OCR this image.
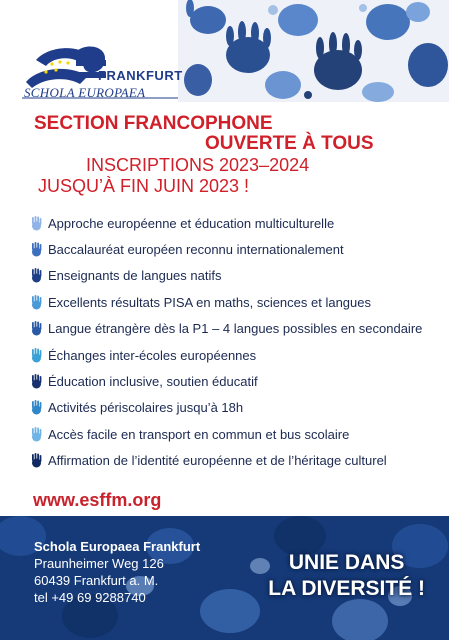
FRANKFURT
SCHOLA EUROPAEA
SECTION FRANCOPHONE
OUVERTE À TOUS
INSCRIPTIONS 2023–2024
JUSQU’À FIN JUIN 2023 !
Approche européenne et éducation multiculturelle
Baccalauréat européen reconnu internationalement
Enseignants de langues natifs
Excellents résultats PISA en maths, sciences et langues
Langue étrangère dès la P1 – 4 langues possibles en secondaire
Échanges inter-écoles européennes
Éducation inclusive, soutien éducatif
Activités périscolaires jusqu’à 18h
Accès facile en transport en commun et bus scolaire
Affirmation de l’identité européenne et de l’héritage culturel
www.esffm.org
Schola Europaea Frankfurt
Praunheimer Weg 126
60439 Frankfurt a. M.
tel +49 69 9288740
UNIE DANS
LA DIVERSITÉ !
